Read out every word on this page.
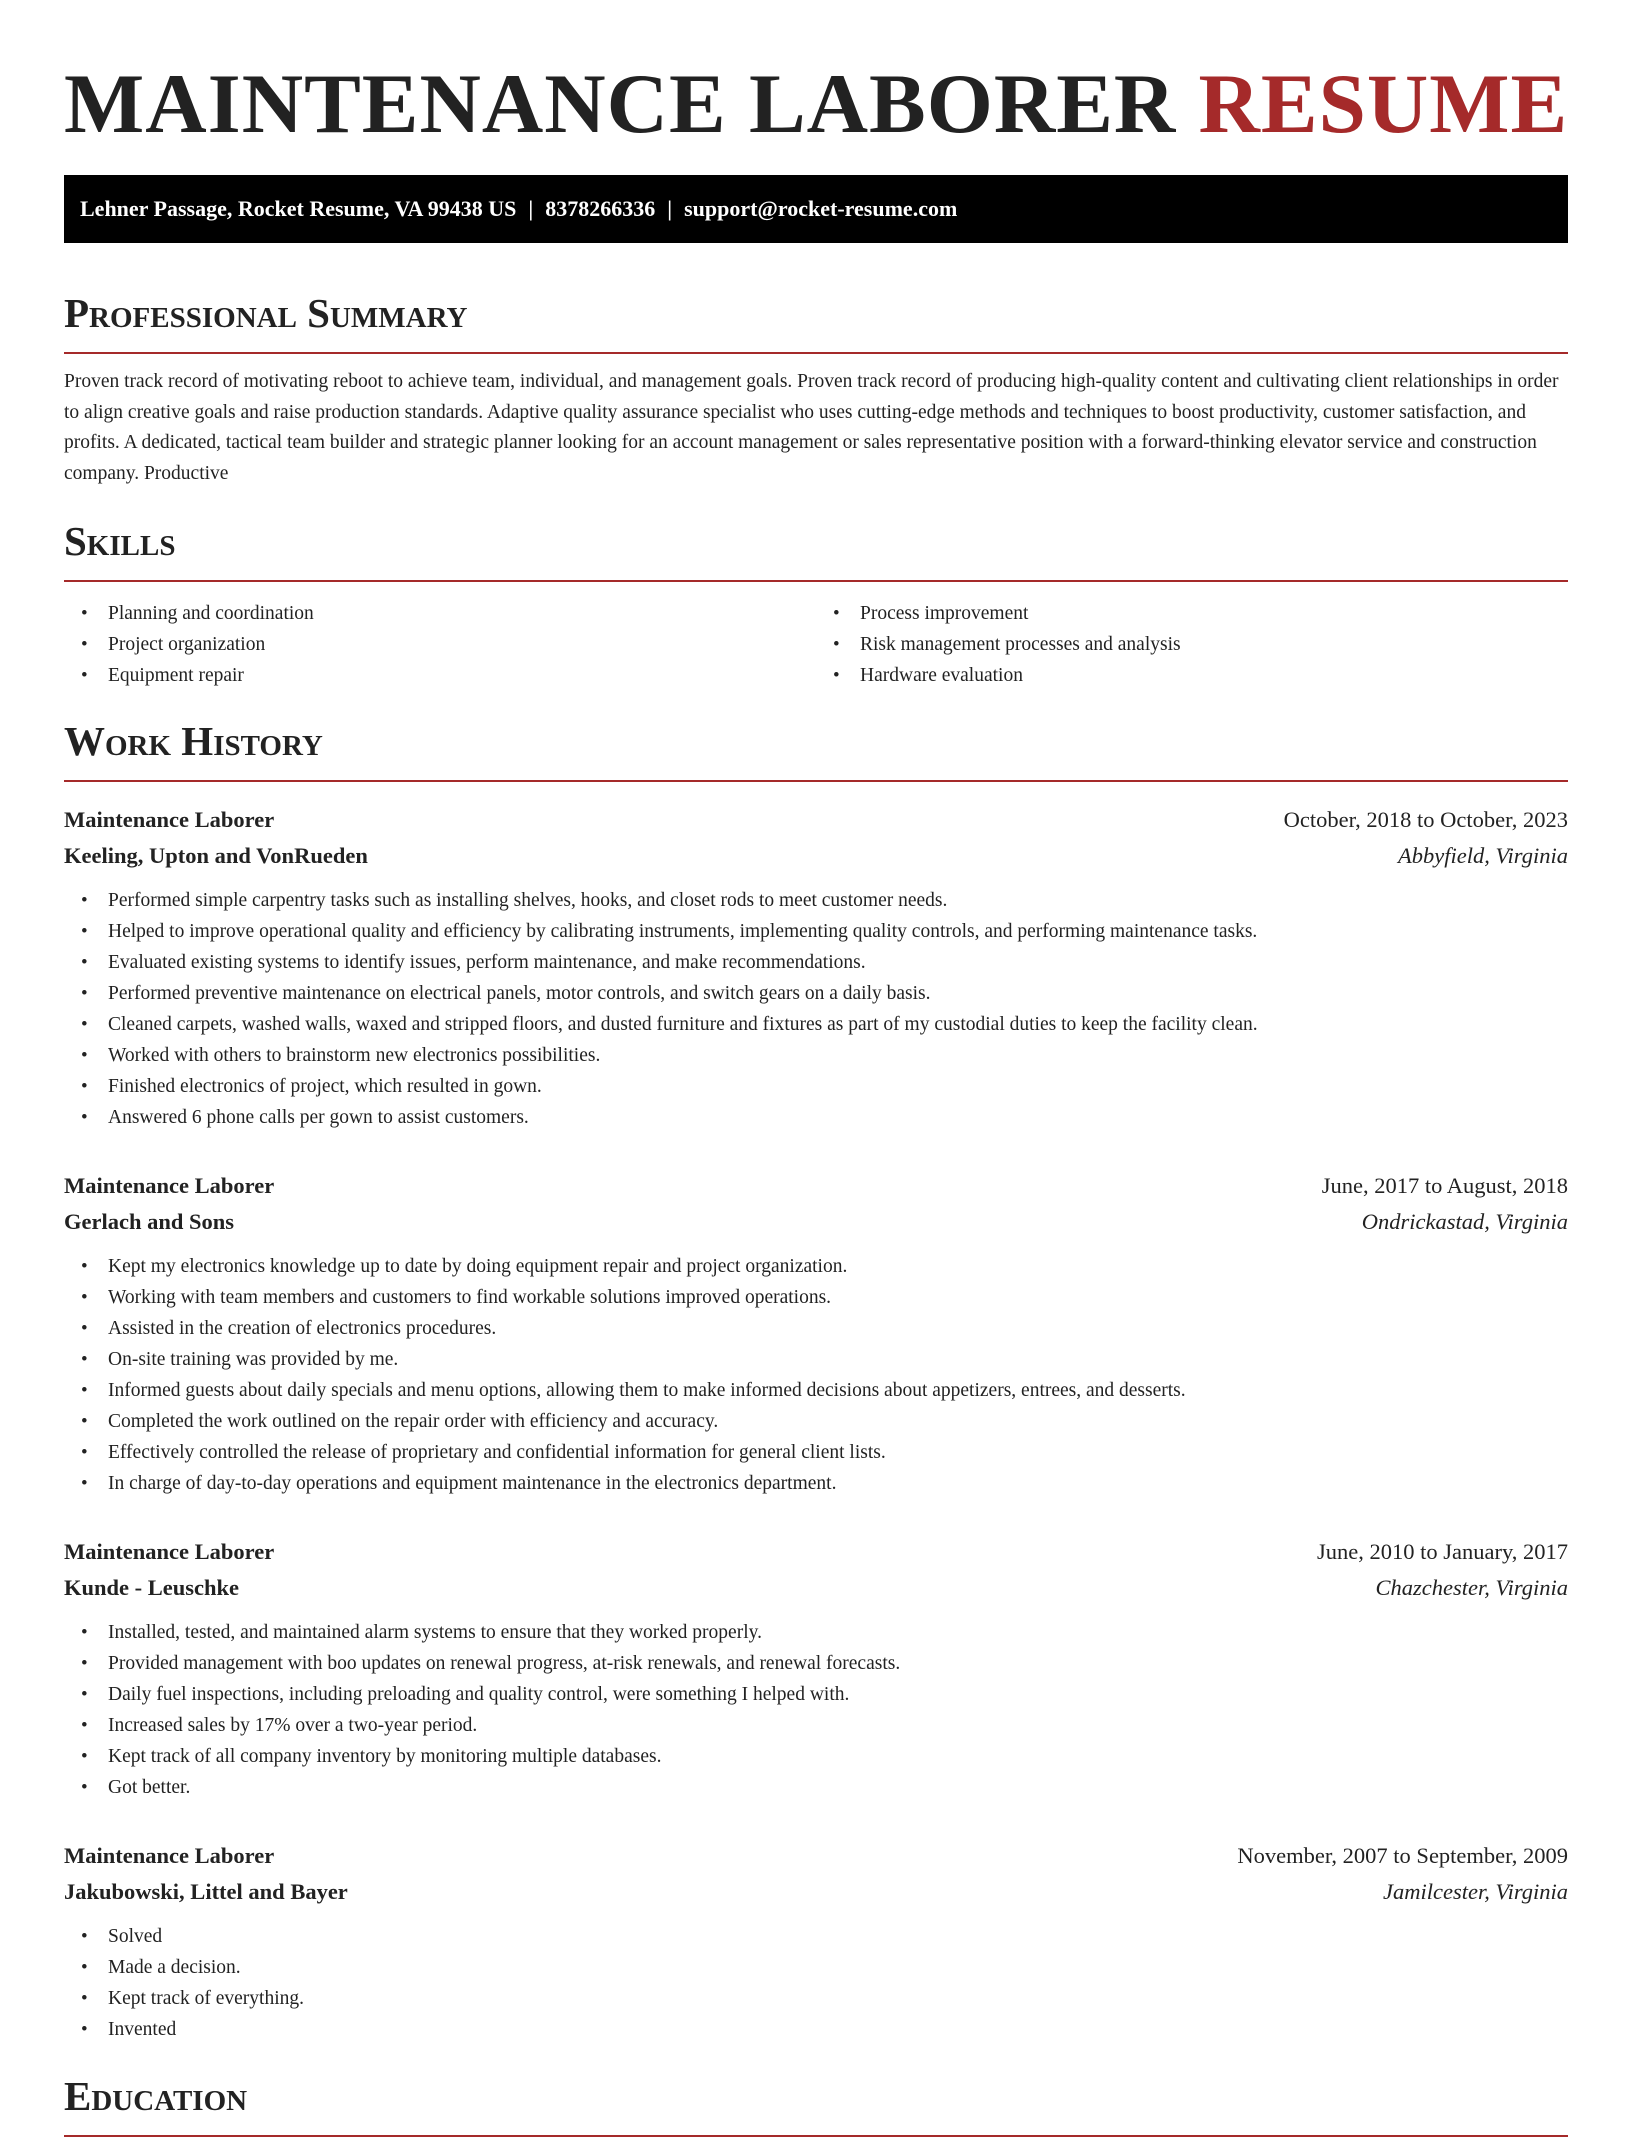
MAINTENANCE LABORER RESUME
Lehner Passage, Rocket Resume, VA 99438 US | 8378266336 | support@rocket-resume.com
Professional Summary

Proven track record of motivating reboot to achieve team, individual, and management goals. Proven track record of producing high-quality content and cultivating client relationships in order to align creative goals and raise production standards. Adaptive quality assurance specialist who uses cutting-edge methods and techniques to boost productivity, customer satisfaction, and profits. A dedicated, tactical team builder and strategic planner looking for an account management or sales representative position with a forward-thinking elevator service and construction company. Productive

Skills
• Planning and coordination
• Project organization
• Equipment repair
• Process improvement
• Risk management processes and analysis
• Hardware evaluation
Work History
Maintenance Laborer	October, 2018 to October, 2023
Keeling, Upton and VonRueden	Abbyfield, Virginia
• Performed simple carpentry tasks such as installing shelves, hooks, and closet rods to meet customer needs.
• Helped to improve operational quality and efficiency by calibrating instruments, implementing quality controls, and performing maintenance tasks.
• Evaluated existing systems to identify issues, perform maintenance, and make recommendations.
• Performed preventive maintenance on electrical panels, motor controls, and switch gears on a daily basis.
• Cleaned carpets, washed walls, waxed and stripped floors, and dusted furniture and fixtures as part of my custodial duties to keep the facility clean.
• Worked with others to brainstorm new electronics possibilities.
• Finished electronics of project, which resulted in gown.
• Answered 6 phone calls per gown to assist customers.
Maintenance Laborer	June, 2017 to August, 2018
Gerlach and Sons	Ondrickastad, Virginia
• Kept my electronics knowledge up to date by doing equipment repair and project organization.
• Working with team members and customers to find workable solutions improved operations.
• Assisted in the creation of electronics procedures.
• On-site training was provided by me.
• Informed guests about daily specials and menu options, allowing them to make informed decisions about appetizers, entrees, and desserts.
• Completed the work outlined on the repair order with efficiency and accuracy.
• Effectively controlled the release of proprietary and confidential information for general client lists.
• In charge of day-to-day operations and equipment maintenance in the electronics department.
Maintenance Laborer	June, 2010 to January, 2017
Kunde - Leuschke	Chazchester, Virginia
• Installed, tested, and maintained alarm systems to ensure that they worked properly.
• Provided management with boo updates on renewal progress, at-risk renewals, and renewal forecasts.
• Daily fuel inspections, including preloading and quality control, were something I helped with.
• Increased sales by 17% over a two-year period.
• Kept track of all company inventory by monitoring multiple databases.
• Got better.
Maintenance Laborer	November, 2007 to September, 2009
Jakubowski, Littel and Bayer	Jamilcester, Virginia
• Solved
• Made a decision.
• Kept track of everything.
• Invented
Education
